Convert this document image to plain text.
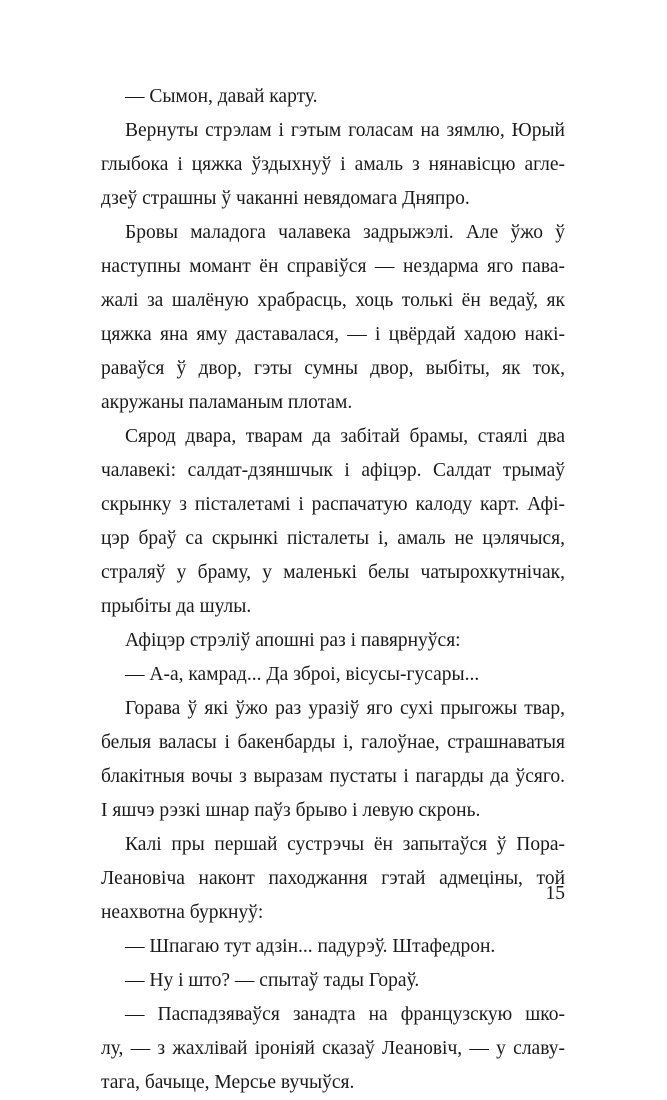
— Сымон, давай карту.
Вернуты стрэлам і гэтым голасам на зямлю, Юрый
глыбока і цяжка ўздыхнуў і амаль з нянавісцю аглe-
дзеў страшны ў чаканні невядомага Дняпро.
Бровы маладога чалавека задрыжэлі. Але ўжо ў
наступны момант ён справіўся — нездарма яго пава-
жалі за шалёную храбрасць, хоць толькі ён ведаў, як
цяжка яна яму даставалася, — і цвёрдай хадою накі-
раваўся ў двор, гэты сумны двор, выбіты, як ток,
акружаны паламаным плотам.
Сярод двара, тварам да забітай брамы, стаялі два
чалавекі: салдат-дзяншчык і афіцэр. Салдат трымаў
скрынку з пісталетамі і распачатую калоду карт. Афі-
цэр браў са скрынкі пісталеты і, амаль не цэлячыся,
страляў у браму, у маленькі белы чатырохкутнічак,
прыбіты да шулы.
Афіцэр стрэліў апошні раз і павярнуўся:
— А-а, камрад... Да зброі, вісусы-гусары...
Горава ў які ўжо раз уразіў яго сухі прыгожы твар,
белыя валасы і бакенбарды і, галоўнае, страшнаватыя
блакітныя вочы з выразам пустаты і пагарды да ўсяго.
І яшчэ рэзкі шнар паўз брыво і левую скронь.
Калі пры першай сустрэчы ён запытаўся ў Пора-
Леановіча наконт паходжання гэтай адмеціны, той
неахвотна буркнуў:
— Шпагаю тут адзін... падурэў. Штафедрон.
— Ну і што? — спытаў тады Гораў.
— Паспадзяваўся занадта на французскую шко-
лу, — з жахлівай іроніяй сказаў Леановіч, — у славу-
тага, бачыце, Мерсье вучыўся.
15
